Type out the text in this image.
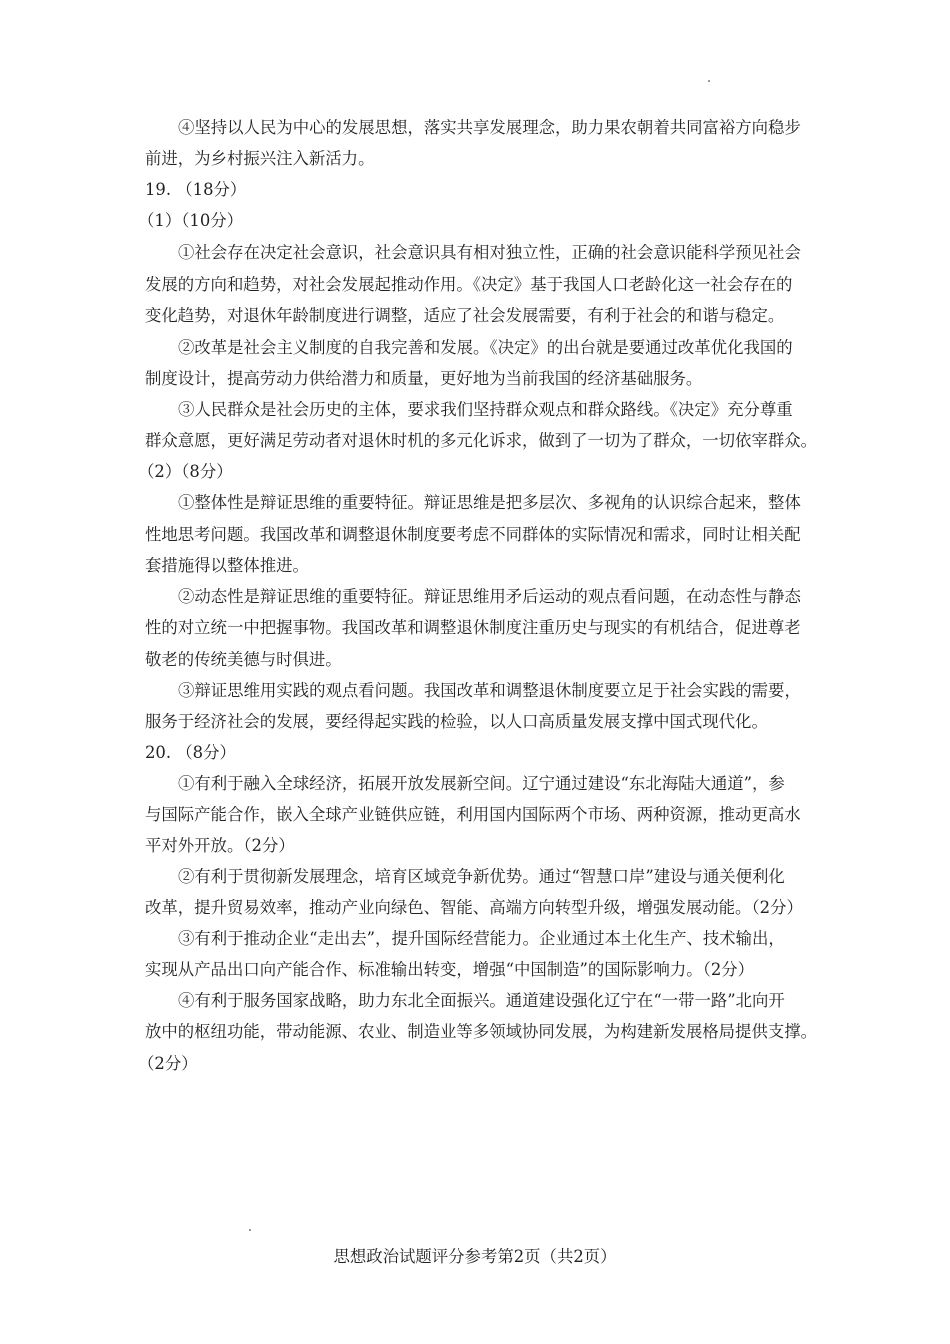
④坚持以人民为中心的发展思想，落实共享发展理念，助力果农朝着共同富裕方向稳步
前进，为乡村振兴注入新活力。
19. （18分）
（1）（10分）
①社会存在决定社会意识，社会意识具有相对独立性，正确的社会意识能科学预见社会
发展的方向和趋势，对社会发展起推动作用。《决定》基于我国人口老龄化这一社会存在的
变化趋势，对退休年龄制度进行调整，适应了社会发展需要，有利于社会的和谐与稳定。
②改革是社会主义制度的自我完善和发展。《决定》的出台就是要通过改革优化我国的
制度设计，提高劳动力供给潜力和质量，更好地为当前我国的经济基础服务。
③人民群众是社会历史的主体，要求我们坚持群众观点和群众路线。《决定》充分尊重
群众意愿，更好满足劳动者对退休时机的多元化诉求，做到了一切为了群众，一切依宰群众。
（2）（8分）
①整体性是辩证思维的重要特征。辩证思维是把多层次、多视角的认识综合起来，整体
性地思考问题。我国改革和调整退休制度要考虑不同群体的实际情况和需求，同时让相关配
套措施得以整体推进。
②动态性是辩证思维的重要特征。辩证思维用矛后运动的观点看问题，在动态性与静态
性的对立统一中把握事物。我国改革和调整退休制度注重历史与现实的有机结合，促进尊老
敬老的传统美德与时俱进。
③辩证思维用实践的观点看问题。我国改革和调整退休制度要立足于社会实践的需要，
服务于经济社会的发展，要经得起实践的检验，以人口高质量发展支撑中国式现代化。
20. （8分）
①有利于融入全球经济，拓展开放发展新空间。辽宁通过建设“东北海陆大通道”，参
与国际产能合作，嵌入全球产业链供应链，利用国内国际两个市场、两种资源，推动更高水
平对外开放。（2分）
②有利于贯彻新发展理念，培育区域竞争新优势。通过“智慧口岸”建设与通关便利化
改革，提升贸易效率，推动产业向绿色、智能、高端方向转型升级，增强发展动能。（2分）
③有利于推动企业“走出去”，提升国际经营能力。企业通过本土化生产、技术输出，
实现从产品出口向产能合作、标准输出转变，增强“中国制造”的国际影响力。（2分）
④有利于服务国家战略，助力东北全面振兴。通道建设强化辽宁在“一带一路”北向开
放中的枢纽功能，带动能源、农业、制造业等多领域协同发展，为构建新发展格局提供支撑。
（2分）
思想政治试题评分参考第2页（共2页）
